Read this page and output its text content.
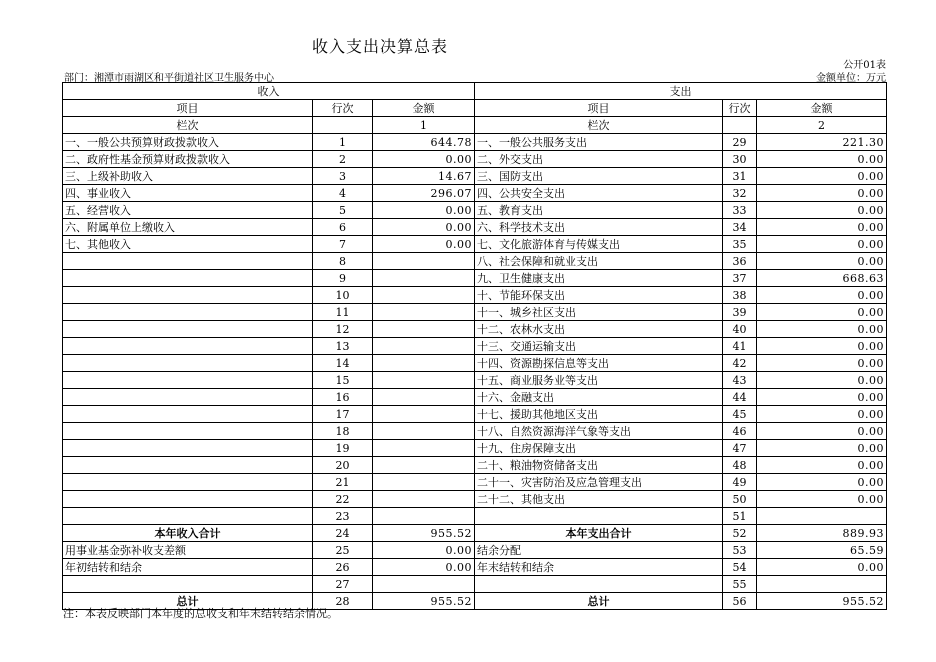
收入支出决算总表
公开01表
部门：湘潭市雨湖区和平街道社区卫生服务中心	金额单位：万元
收入			支出		
项目	行次	金额	项目	行次	金额
栏次		1	栏次		2
一、一般公共预算财政拨款收入	1	644.78	一、一般公共服务支出	29	221.30
二、政府性基金预算财政拨款收入	2	0.00	二、外交支出	30	0.00
三、上级补助收入	3	14.67	三、国防支出	31	0.00
四、事业收入	4	296.07	四、公共安全支出	32	0.00
五、经营收入	5	0.00	五、教育支出	33	0.00
六、附属单位上缴收入	6	0.00	六、科学技术支出	34	0.00
七、其他收入	7	0.00	七、文化旅游体育与传媒支出	35	0.00
	8		八、社会保障和就业支出	36	0.00
	9		九、卫生健康支出	37	668.63
	10		十、节能环保支出	38	0.00
	11		十一、城乡社区支出	39	0.00
	12		十二、农林水支出	40	0.00
	13		十三、交通运输支出	41	0.00
	14		十四、资源勘探信息等支出	42	0.00
	15		十五、商业服务业等支出	43	0.00
	16		十六、金融支出	44	0.00
	17		十七、援助其他地区支出	45	0.00
	18		十八、自然资源海洋气象等支出	46	0.00
	19		十九、住房保障支出	47	0.00
	20		二十、粮油物资储备支出	48	0.00
	21		二十一、灾害防治及应急管理支出	49	0.00
	22		二十二、其他支出	50	0.00
	23			51	
本年收入合计	24	955.52	本年支出合计	52	889.93
用事业基金弥补收支差额	25	0.00	结余分配	53	65.59
年初结转和结余	26	0.00	年末结转和结余	54	0.00
	27			55	
总计	28	955.52	总计	56	955.52
注：本表反映部门本年度的总收支和年末结转结余情况。
